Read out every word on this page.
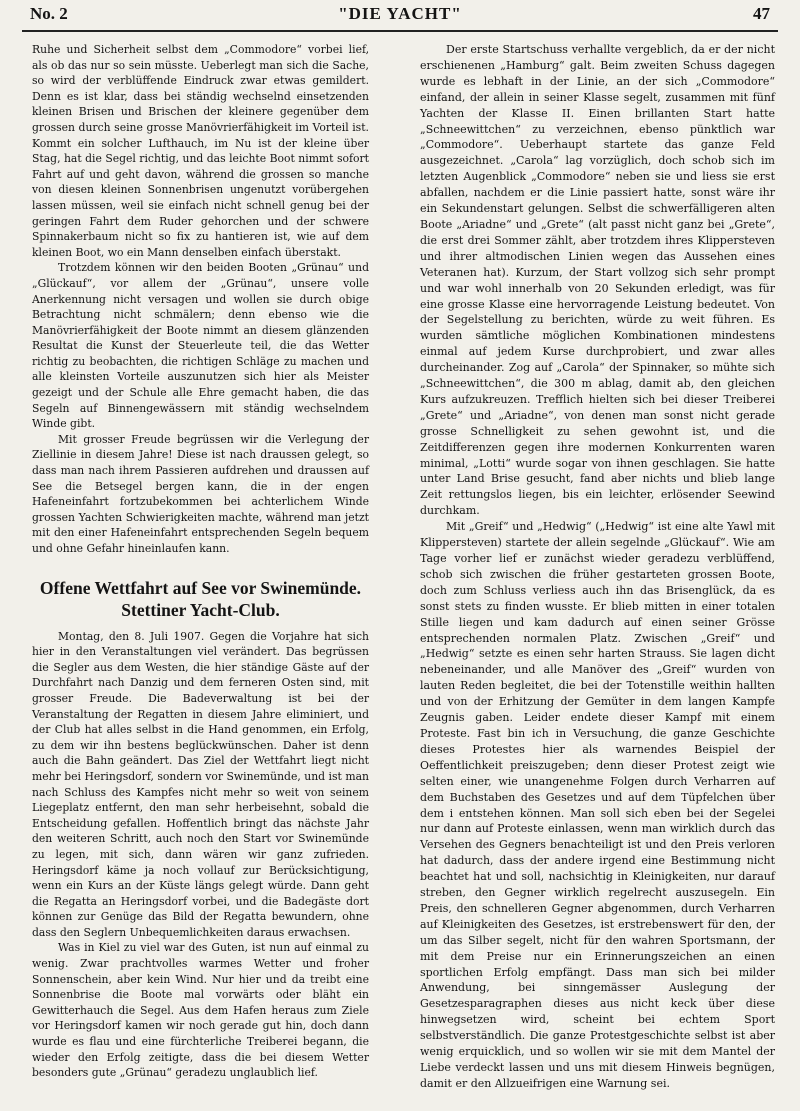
No. 2	"DIE YACHT"	47

Ruhe und Sicherheit selbst dem „Commodore“ vorbei lief, als ob das nur so sein müsste. Ueberlegt man sich die Sache, so wird der verblüffende Eindruck zwar etwas gemildert. Denn es ist klar, dass bei ständig wechselnd einsetzenden kleinen Brisen und Brischen der kleinere gegenüber dem grossen durch seine grosse Manövrierfähigkeit im Vorteil ist. Kommt ein solcher Lufthauch, im Nu ist der kleine über Stag, hat die Segel richtig, und das leichte Boot nimmt sofort Fahrt auf und geht davon, während die grossen so manche von diesen kleinen Sonnenbrisen ungenutzt vorübergehen lassen müssen, weil sie einfach nicht schnell genug bei der geringen Fahrt dem Ruder gehorchen und der schwere Spinnakerbaum nicht so fix zu hantieren ist, wie auf dem kleinen Boot, wo ein Mann denselben einfach überstakt.

Trotzdem können wir den beiden Booten „Grünau“ und „Glückauf“, vor allem der „Grünau“, unsere volle Anerkennung nicht versagen und wollen sie durch obige Betrachtung nicht schmälern; denn ebenso wie die Manövrierfähigkeit der Boote nimmt an diesem glänzenden Resultat die Kunst der Steuerleute teil, die das Wetter richtig zu beobachten, die richtigen Schläge zu machen und alle kleinsten Vorteile auszunutzen sich hier als Meister gezeigt und der Schule alle Ehre gemacht haben, die das Segeln auf Binnengewässern mit ständig wechselndem Winde gibt.

Mit grosser Freude begrüssen wir die Verlegung der Ziellinie in diesem Jahre! Diese ist nach draussen gelegt, so dass man nach ihrem Passieren aufdrehen und draussen auf See die Betsegel bergen kann, die in der engen Hafeneinfahrt fortzubekommen bei achterlichem Winde grossen Yachten Schwierigkeiten machte, während man jetzt mit den einer Hafeneinfahrt entsprechenden Segeln bequem und ohne Gefahr hineinlaufen kann.

Offene Wettfahrt auf See vor Swinemünde.
Stettiner Yacht-Club.

Montag, den 8. Juli 1907. Gegen die Vorjahre hat sich hier in den Veranstaltungen viel verändert. Das begrüssen die Segler aus dem Westen, die hier ständige Gäste auf der Durchfahrt nach Danzig und dem ferneren Osten sind, mit grosser Freude. Die Badeverwaltung ist bei der Veranstaltung der Regatten in diesem Jahre eliminiert, und der Club hat alles selbst in die Hand genommen, ein Erfolg, zu dem wir ihn bestens beglückwünschen. Daher ist denn auch die Bahn geändert. Das Ziel der Wettfahrt liegt nicht mehr bei Heringsdorf, sondern vor Swinemünde, und ist man nach Schluss des Kampfes nicht mehr so weit von seinem Liegeplatz entfernt, den man sehr herbeisehnt, sobald die Entscheidung gefallen. Hoffentlich bringt das nächste Jahr den weiteren Schritt, auch noch den Start vor Swinemünde zu legen, mit sich, dann wären wir ganz zufrieden. Heringsdorf käme ja noch vollauf zur Berücksichtigung, wenn ein Kurs an der Küste längs gelegt würde. Dann geht die Regatta an Heringsdorf vorbei, und die Badegäste dort können zur Genüge das Bild der Regatta bewundern, ohne dass den Seglern Unbequemlichkeiten daraus erwachsen.

Was in Kiel zu viel war des Guten, ist nun auf einmal zu wenig. Zwar prachtvolles warmes Wetter und froher Sonnenschein, aber kein Wind. Nur hier und da treibt eine Sonnenbrise die Boote mal vorwärts oder bläht ein Gewitterhauch die Segel. Aus dem Hafen heraus zum Ziele vor Heringsdorf kamen wir noch gerade gut hin, doch dann wurde es flau und eine fürchterliche Treiberei begann, die wieder den Erfolg zeitigte, dass die bei diesem Wetter besonders gute „Grünau“ geradezu unglaublich lief.

Der erste Startschuss verhallte vergeblich, da er der nicht erschienenen „Hamburg“ galt. Beim zweiten Schuss dagegen wurde es lebhaft in der Linie, an der sich „Commodore“ einfand, der allein in seiner Klasse segelt, zusammen mit fünf Yachten der Klasse II. Einen brillanten Start hatte „Schneewittchen“ zu verzeichnen, ebenso pünktlich war „Commodore“. Ueberhaupt startete das ganze Feld ausgezeichnet. „Carola“ lag vorzüglich, doch schob sich im letzten Augenblick „Commodore“ neben sie und liess sie erst abfallen, nachdem er die Linie passiert hatte, sonst wäre ihr ein Sekundenstart gelungen. Selbst die schwerfälligeren alten Boote „Ariadne“ und „Grete“ (alt passt nicht ganz bei „Grete“, die erst drei Sommer zählt, aber trotzdem ihres Klippersteven und ihrer altmodischen Linien wegen das Aussehen eines Veteranen hat). Kurzum, der Start vollzog sich sehr prompt und war wohl innerhalb von 20 Sekunden erledigt, was für eine grosse Klasse eine hervorragende Leistung bedeutet. Von der Segelstellung zu berichten, würde zu weit führen. Es wurden sämtliche möglichen Kombinationen mindestens einmal auf jedem Kurse durchprobiert, und zwar alles durcheinander. Zog auf „Carola“ der Spinnaker, so mühte sich „Schneewittchen“, die 300 m ablag, damit ab, den gleichen Kurs aufzukreuzen. Trefflich hielten sich bei dieser Treiberei „Grete“ und „Ariadne“, von denen man sonst nicht gerade grosse Schnelligkeit zu sehen gewohnt ist, und die Zeitdifferenzen gegen ihre modernen Konkurrenten waren minimal, „Lotti“ wurde sogar von ihnen geschlagen. Sie hatte unter Land Brise gesucht, fand aber nichts und blieb lange Zeit rettungslos liegen, bis ein leichter, erlösender Seewind durchkam.

Mit „Greif“ und „Hedwig“ („Hedwig“ ist eine alte Yawl mit Klippersteven) startete der allein segelnde „Glückauf“. Wie am Tage vorher lief er zunächst wieder geradezu verblüffend, schob sich zwischen die früher gestarteten grossen Boote, doch zum Schluss verliess auch ihn das Brisenglück, da es sonst stets zu finden wusste. Er blieb mitten in einer totalen Stille liegen und kam dadurch auf einen seiner Grösse entsprechenden normalen Platz. Zwischen „Greif“ und „Hedwig“ setzte es einen sehr harten Strauss. Sie lagen dicht nebeneinander, und alle Manöver des „Greif“ wurden von lauten Reden begleitet, die bei der Totenstille weithin hallten und von der Erhitzung der Gemüter in dem langen Kampfe Zeugnis gaben. Leider endete dieser Kampf mit einem Proteste. Fast bin ich in Versuchung, die ganze Geschichte dieses Protestes hier als warnendes Beispiel der Oeffentlichkeit preiszugeben; denn dieser Protest zeigt wie selten einer, wie unangenehme Folgen durch Verharren auf dem Buchstaben des Gesetzes und auf dem Tüpfelchen über dem i entstehen können. Man soll sich eben bei der Segelei nur dann auf Proteste einlassen, wenn man wirklich durch das Versehen des Gegners benachteiligt ist und den Preis verloren hat dadurch, dass der andere irgend eine Bestimmung nicht beachtet hat und soll, nachsichtig in Kleinigkeiten, nur darauf streben, den Gegner wirklich regelrecht auszusegeln. Ein Preis, den schnelleren Gegner abgenommen, durch Verharren auf Kleinigkeiten des Gesetzes, ist erstrebenswert für den, der um das Silber segelt, nicht für den wahren Sportsmann, der mit dem Preise nur ein Erinnerungszeichen an einen sportlichen Erfolg empfängt. Dass man sich bei milder Anwendung, bei sinngemässer Auslegung der Gesetzesparagraphen dieses aus nicht keck über diese hinwegsetzen wird, scheint bei echtem Sport selbstverständlich. Die ganze Protestgeschichte selbst ist aber wenig erquicklich, und so wollen wir sie mit dem Mantel der Liebe verdeckt lassen und uns mit diesem Hinweis begnügen, damit er den Allzueifrigen eine Warnung sei.
